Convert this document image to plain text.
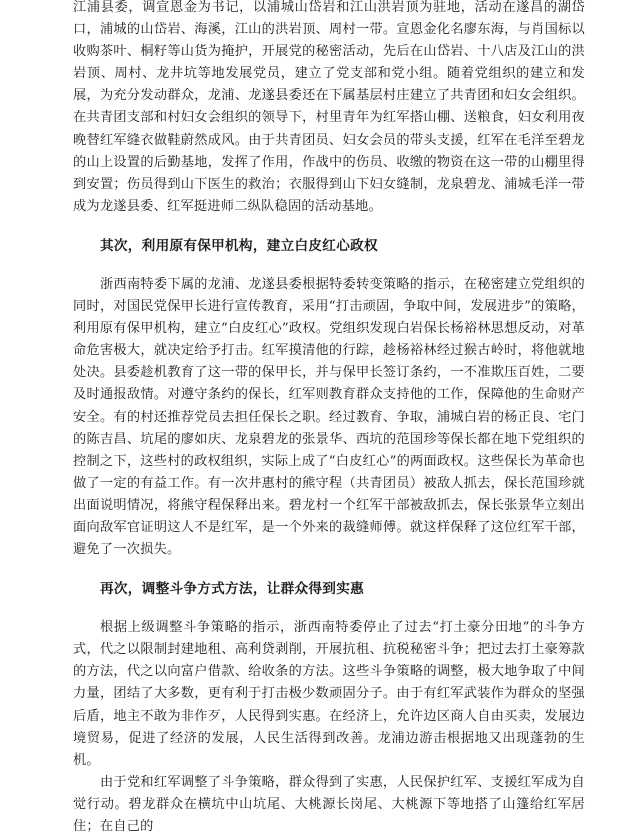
江浦县委，调宣恩金为书记，以浦城山岱岩和江山洪岩顶为驻地，活动在遂昌的湖岱口，浦城的山岱岩、海溪，江山的洪岩顶、周村一带。宣恩金化名廖东海，与肖国标以收购茶叶、桐籽等山货为掩护，开展党的秘密活动，先后在山岱岩、十八店及江山的洪岩顶、周村、龙井坑等地发展党员，建立了党支部和党小组。随着党组织的建立和发展，为充分发动群众，龙浦、龙遂县委还在下属基层村庄建立了共青团和妇女会组织。在共青团支部和村妇女会组织的领导下，村里青年为红军搭山棚、送粮食，妇女利用夜晚替红军缝衣做鞋蔚然成风。由于共青团员、妇女会员的带头支援，红军在毛洋至碧龙的山上设置的后勤基地，发挥了作用，作战中的伤员、收缴的物资在这一带的山棚里得到安置；伤员得到山下医生的救治；衣服得到山下妇女缝制，龙泉碧龙、浦城毛洋一带成为龙遂县委、红军挺进师二纵队稳固的活动基地。

其次，利用原有保甲机构，建立白皮红心政权

浙西南特委下属的龙浦、龙遂县委根据特委转变策略的指示，在秘密建立党组织的同时，对国民党保甲长进行宣传教育，采用“打击顽固，争取中间，发展进步”的策略，利用原有保甲机构，建立“白皮红心”政权。党组织发现白岩保长杨裕林思想反动，对革命危害极大，就决定给予打击。红军摸清他的行踪，趁杨裕林经过猴古岭时，将他就地处决。县委趁机教育了这一带的保甲长，并与保甲长签订条约，一不准欺压百姓，二要及时通报敌情。对遵守条约的保长，红军则教育群众支持他的工作，保障他的生命财产安全。有的村还推荐党员去担任保长之职。经过教育、争取，浦城白岩的杨正良、宅门的陈吉昌、坑尾的廖如庆、龙泉碧龙的张景华、西坑的范国珍等保长都在地下党组织的控制之下，这些村的政权组织，实际上成了“白皮红心”的两面政权。这些保长为革命也做了一定的有益工作。有一次井惠村的熊守程（共青团员）被敌人抓去，保长范国珍就出面说明情况，将熊守程保释出来。碧龙村一个红军干部被敌抓去，保长张景华立刻出面向敌军官证明这人不是红军，是一个外来的裁缝师傅。就这样保释了这位红军干部，避免了一次损失。

再次，调整斗争方式方法，让群众得到实惠

根据上级调整斗争策略的指示，浙西南特委停止了过去“打土豪分田地”的斗争方式，代之以限制封建地租、高利贷剥削，开展抗租、抗税秘密斗争；把过去打土豪筹款的方法，代之以向富户借款、给收条的方法。这些斗争策略的调整，极大地争取了中间力量，团结了大多数，更有利于打击极少数顽固分子。由于有红军武装作为群众的坚强后盾，地主不敢为非作歹，人民得到实惠。在经济上，允许边区商人自由买卖，发展边境贸易，促进了经济的发展，人民生活得到改善。龙浦边游击根据地又出现蓬勃的生机。

由于党和红军调整了斗争策略，群众得到了实惠，人民保护红军、支援红军成为自觉行动。碧龙群众在横坑中山坑尾、大桃源长岗尾、大桃源下等地搭了山篷给红军居住；在自己的
